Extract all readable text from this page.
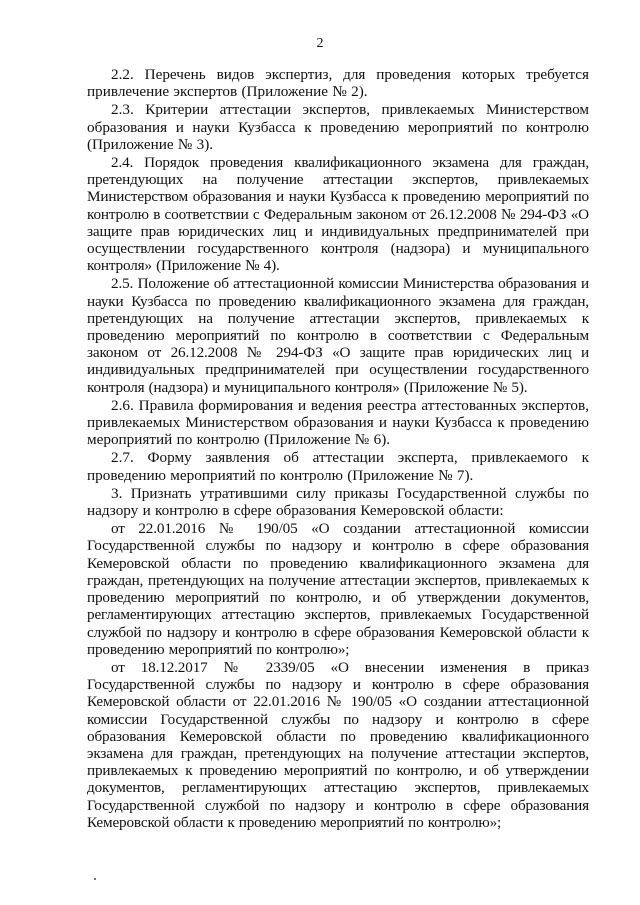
2

2.2. Перечень видов экспертиз, для проведения которых требуется привлечение экспертов (Приложение № 2).

2.3. Критерии аттестации экспертов, привлекаемых Министерством образования и науки Кузбасса к проведению мероприятий по контролю (Приложение № 3).

2.4. Порядок проведения квалификационного экзамена для граждан, претендующих на получение аттестации экспертов, привлекаемых Министерством образования и науки Кузбасса к проведению мероприятий по контролю в соответствии с Федеральным законом от 26.12.2008 № 294-ФЗ «О защите прав юридических лиц и индивидуальных предпринимателей при осуществлении государственного контроля (надзора) и муниципального контроля» (Приложение № 4).

2.5. Положение об аттестационной комиссии Министерства образования и науки Кузбасса по проведению квалификационного экзамена для граждан, претендующих на получение аттестации экспертов, привлекаемых к проведению мероприятий по контролю в соответствии с Федеральным законом от 26.12.2008 № 294-ФЗ «О защите прав юридических лиц и индивидуальных предпринимателей при осуществлении государственного контроля (надзора) и муниципального контроля» (Приложение № 5).

2.6. Правила формирования и ведения реестра аттестованных экспертов, привлекаемых Министерством образования и науки Кузбасса к проведению мероприятий по контролю (Приложение № 6).

2.7. Форму заявления об аттестации эксперта, привлекаемого к проведению мероприятий по контролю (Приложение № 7).

3. Признать утратившими силу приказы Государственной службы по надзору и контролю в сфере образования Кемеровской области:

от 22.01.2016 № 190/05 «О создании аттестационной комиссии Государственной службы по надзору и контролю в сфере образования Кемеровской области по проведению квалификационного экзамена для граждан, претендующих на получение аттестации экспертов, привлекаемых к проведению мероприятий по контролю, и об утверждении документов, регламентирующих аттестацию экспертов, привлекаемых Государственной службой по надзору и контролю в сфере образования Кемеровской области к проведению мероприятий по контролю»;

от 18.12.2017 № 2339/05 «О внесении изменения в приказ Государственной службы по надзору и контролю в сфере образования Кемеровской области от 22.01.2016 № 190/05 «О создании аттестационной комиссии Государственной службы по надзору и контролю в сфере образования Кемеровской области по проведению квалификационного экзамена для граждан, претендующих на получение аттестации экспертов, привлекаемых к проведению мероприятий по контролю, и об утверждении документов, регламентирующих аттестацию экспертов, привлекаемых Государственной службой по надзору и контролю в сфере образования Кемеровской области к проведению мероприятий по контролю»;
